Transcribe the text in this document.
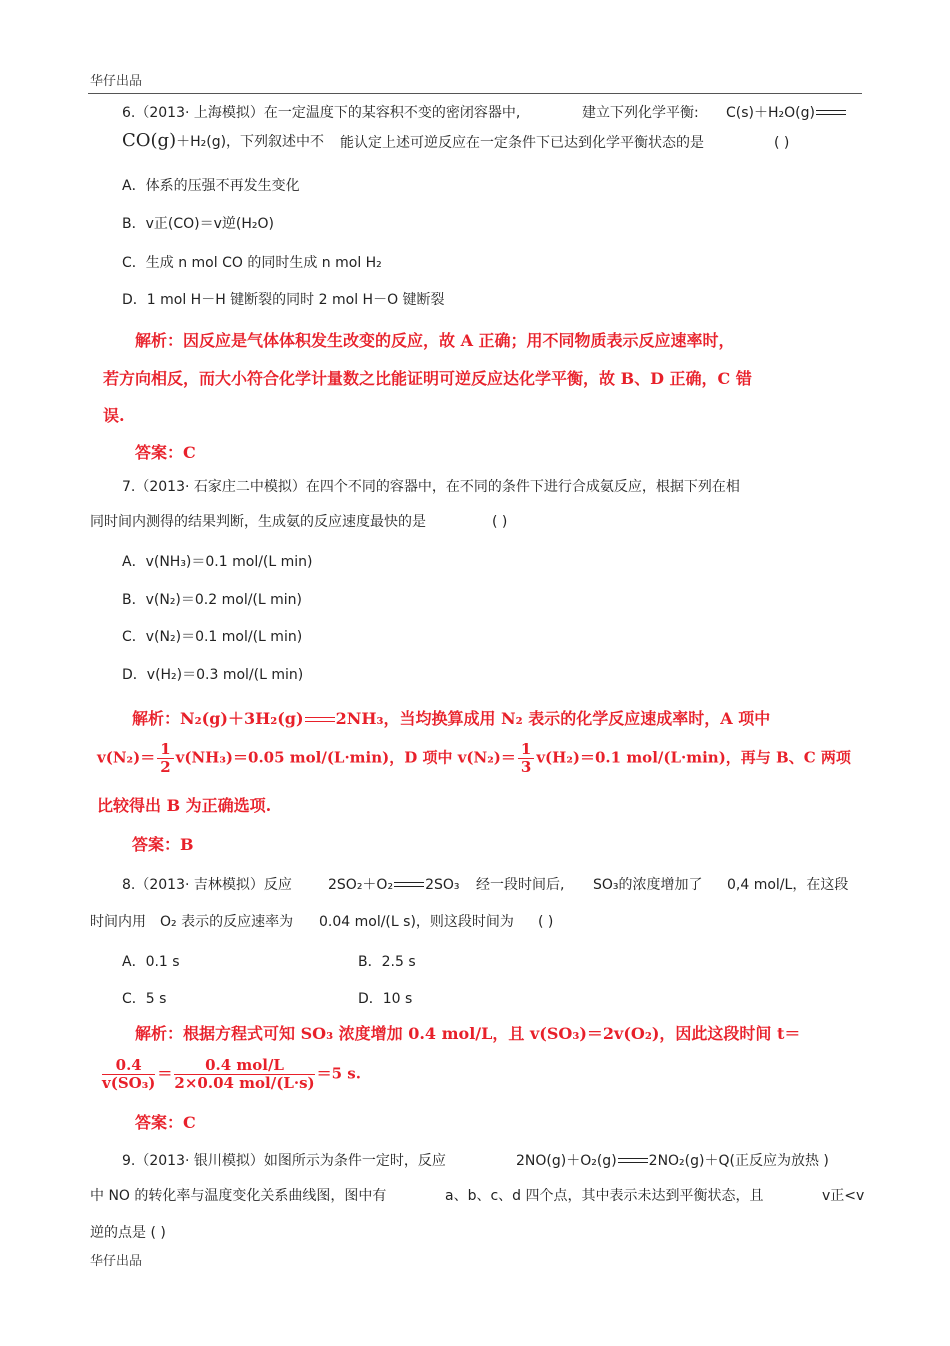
华仔出品
6.（2013· 上海模拟）在一定温度下的某容积不变的密闭容器中,	建立下列化学平衡: C(s)＋H₂O(g)
CO(g)＋H₂(g)，下列叙述中不 能认定上述可逆反应在一定条件下已达到化学平衡状态的是	( )
A．体系的压强不再发生变化
B．v正(CO)＝v逆(H₂O)
C．生成 n mol CO 的同时生成 n mol H₂
D．1 mol H－H 键断裂的同时 2 mol H－O 键断裂
解析：因反应是气体体积发生改变的反应，故 A 正确；用不同物质表示反应速率时，
若方向相反，而大小符合化学计量数之比能证明可逆反应达化学平衡，故 B、D 正确，C 错
误.
答案：C
7.（2013· 石家庄二中模拟）在四个不同的容器中，在不同的条件下进行合成氨反应，根据下列在相
同时间内测得的结果判断，生成氨的反应速度最快的是	( )
A．v(NH₃)＝0.1 mol/(L min)
B．v(N₂)＝0.2 mol/(L min)
C．v(N₂)＝0.1 mol/(L min)
D．v(H₂)＝0.3 mol/(L min)
解析：N₂(g)＋3H₂(g) 2NH₃，当均换算成用 N₂ 表示的化学反应速成率时，A 项中
$v(N_2)= \frac{1}{2} v(NH_3)=0.05$ mol/(L·min)，D 项中 $v(N_2)= \frac{1}{3} v(H_2)=0.1$ mol/(L·min)，再与 B、C 两项
比较得出 B 为正确选项.
答案：B
8.（2013· 吉林模拟）反应	2SO₂＋O₂ 2SO₃ 经一段时间后, SO₃的浓度增加了 0,4 mol/L，在这段
时间内用 O₂ 表示的反应速率为 0.04 mol/(L s)，则这段时间为 ( )
A．0.1 s	B．2.5 s
C．5 s	D．10 s
解析：根据方程式可知 SO₃ 浓度增加 0.4 mol/L，且 v(SO₃)＝2v(O₂)，因此这段时间 t＝
$\frac{0.4}{\text{v(SO₃)}} = \frac{\text{0.4 mol/L}}{\text{2×0.04 mol/(L·s)}} =5$ s.
答案：C
9.（2013· 银川模拟）如图所示为条件一定时，反应	2NO(g)＋O₂(g) 2NO₂(g)＋Q(正反应为放热 )
中 NO 的转化率与温度变化关系曲线图，图中有	a、b、c、d 四个点，其中表示未达到平衡状态，且	v正<v
逆的点是 ( )
华仔出品
